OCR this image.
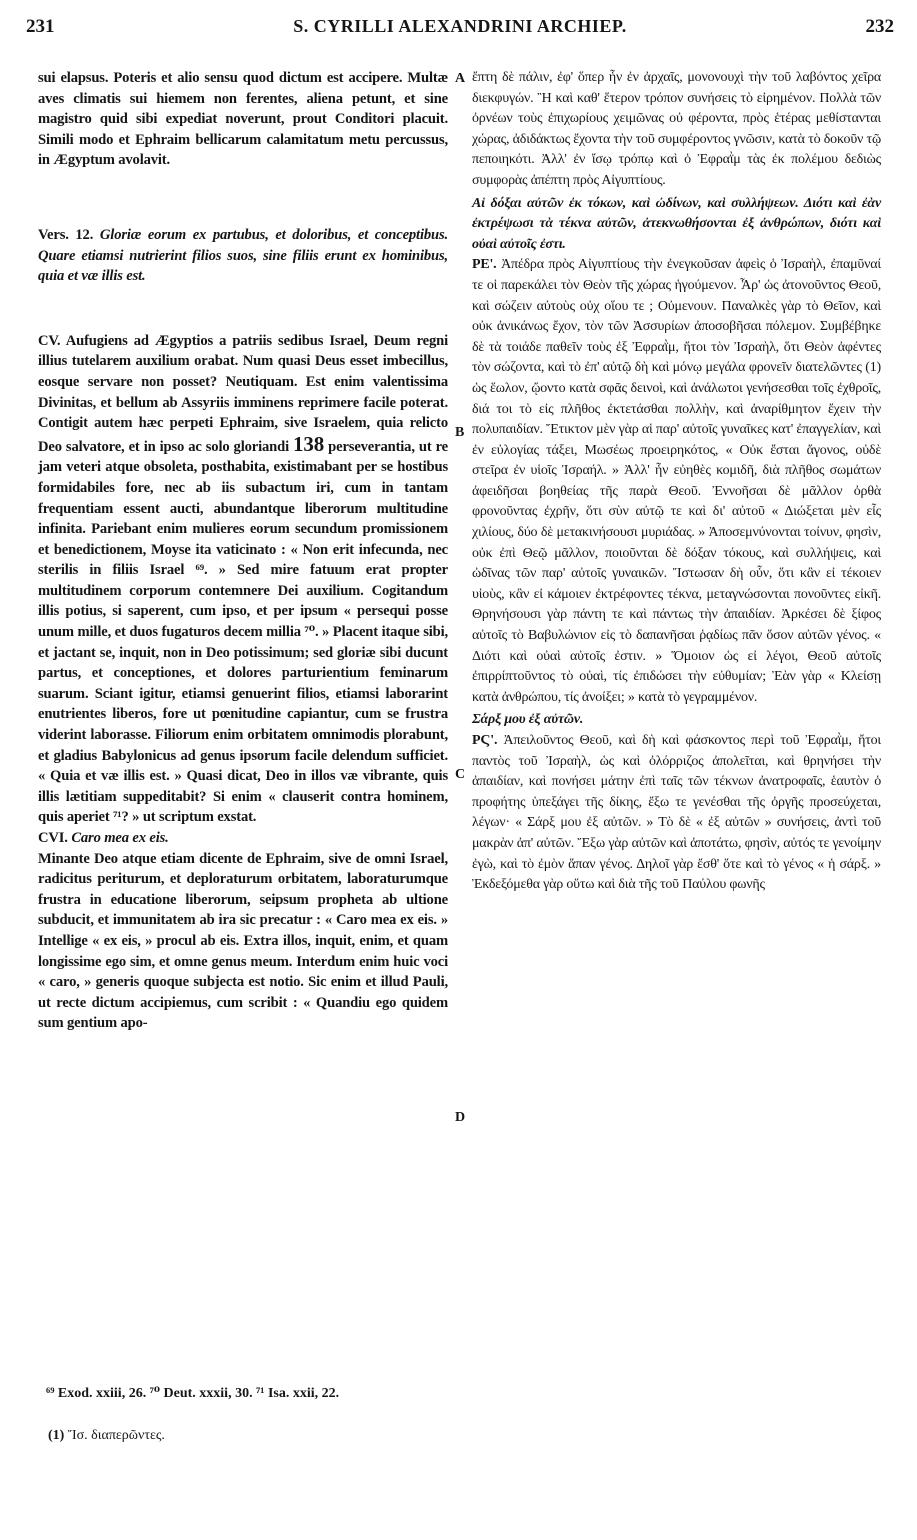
231	S. CYRILLI ALEXANDRINI ARCHIEP.	232
A
B
C
D

sui elapsus. Poteris et alio sensu quod dictum est accipere. Multæ aves climatis sui hiemem non ferentes, aliena petunt, et sine magistro quid sibi expediat noverunt, prout Conditori placuit. Simili modo et Ephraim bellicarum calamitatum metu percussus, in Ægyptum avolavit.

Vers. 12. Gloriæ eorum ex partubus, et doloribus, et conceptibus. Quare etiamsi nutrierint filios suos, sine filiis erunt ex hominibus, quia et væ illis est.

CV. Aufugiens ad Ægyptios a patriis sedibus Israel, Deum regni illius tutelarem auxilium orabat. Num quasi Deus esset imbecillus, eosque servare non posset? Neutiquam. Est enim valentissima Divinitas, et bellum ab Assyriis imminens reprimere facile poterat. Contigit autem hæc perpeti Ephraim, sive Israelem, quia relicto Deo salvatore, et in ipso ac solo gloriandi 138 perseverantia, ut re jam veteri atque obsoleta, posthabita, existimabant per se hostibus formidabiles fore, nec ab iis subactum iri, cum in tantam frequentiam essent aucti, abundantque liberorum multitudine infinita. Pariebant enim mulieres eorum secundum promissionem et benedictionem, Moyse ita vaticinato : « Non erit infecunda, nec sterilis in filiis Israel ⁶⁹. » Sed mire fatuum erat propter multitudinem corporum contemnere Dei auxilium. Cogitandum illis potius, si saperent, cum ipso, et per ipsum « persequi posse unum mille, et duos fugaturos decem millia ⁷⁰. » Placent itaque sibi, et jactant se, inquit, non in Deo potissimum; sed gloriæ sibi ducunt partus, et conceptiones, et dolores parturientium feminarum suarum. Sciant igitur, etiamsi genuerint filios, etiamsi laborarint enutrientes liberos, fore ut pœnitudine capiantur, cum se frustra viderint laborasse. Filiorum enim orbitatem omnimodis plorabunt, et gladius Babylonicus ad genus ipsorum facile delendum sufficiet. « Quia et væ illis est. » Quasi dicat, Deo in illos væ vibrante, quis illis lætitiam suppeditabit? Si enim « clauserit contra hominem, quis aperiet ⁷¹? » ut scriptum exstat.

CVI. Caro mea ex eis.

Minante Deo atque etiam dicente de Ephraim, sive de omni Israel, radicitus periturum, et deploraturum orbitatem, laboraturumque frustra in educatione liberorum, seipsum propheta ab ultione subducit, et immunitatem ab ira sic precatur : « Caro mea ex eis. » Intellige « ex eis, » procul ab eis. Extra illos, inquit, enim, et quam longissime ego sim, et omne genus meum. Interdum enim huic voci « caro, » generis quoque subjecta est notio. Sic enim et illud Pauli, ut recte dictum accipiemus, cum scribit : « Quandiu ego quidem sum gentium apo-

ἔπτη δὲ πάλιν, ἐφ' ὅπερ ἦν ἐν ἀρχαῖς, μονονουχὶ τὴν τοῦ λαβόντος χεῖρα διεκφυγών. Ἢ καὶ καθ' ἕτερον τρόπον συνήσεις τὸ εἰρημένον. Πολλὰ τῶν ὀρνέων τοὺς ἐπιχωρίους χειμῶνας οὐ φέροντα, πρὸς ἑτέρας μεθίστανται χώρας, ἀδιδάκτως ἔχοντα τὴν τοῦ συμφέροντος γνῶσιν, κατὰ τὸ δοκοῦν τῷ πεποιηκότι. Ἀλλ' ἐν ἴσῳ τρόπῳ καὶ ὁ Ἐφραῒμ τὰς ἐκ πολέμου δεδιὼς συμφορὰς ἀπέπτη πρὸς Αἰγυπτίους.

Αἱ δόξαι αὐτῶν ἐκ τόκων, καὶ ὠδίνων, καὶ συλλήψεων. Διότι καὶ ἐὰν ἐκτρέψωσι τὰ τέκνα αὐτῶν, ἀτεκνωθήσονται ἐξ ἀνθρώπων, διότι καὶ οὐαὶ αὐτοῖς ἐστι.

ΡΕ'. Ἀπέδρα πρὸς Αἰγυπτίους τὴν ἐνεγκοῦσαν ἀφεὶς ὁ Ἰσραὴλ, ἐπαμῦναί τε οἱ παρεκάλει τὸν Θεὸν τῆς χώρας ἡγούμενον. Ἆρ' ὡς ἀτονοῦντος Θεοῦ, καὶ σώζειν αὐτοὺς οὐχ οἵου τε ; Οὐμενουν. Παναλκὲς γὰρ τὸ Θεῖον, καὶ οὐκ ἀνικάνως ἔχον, τὸν τῶν Ἀσσυρίων ἀποσοβῆσαι πόλεμον. Συμβέβηκε δὲ τὰ τοιάδε παθεῖν τοὺς ἐξ Ἐφραῒμ, ἤτοι τὸν Ἰσραὴλ, ὅτι Θεὸν ἀφέντες τὸν σώζοντα, καὶ τὸ ἐπ' αὐτῷ δὴ καὶ μόνῳ μεγάλα φρονεῖν διατελῶντες (1) ὡς ἕωλον, ᾤοντο κατὰ σφᾶς δεινοὶ, καὶ ἀνάλωτοι γενήσεσθαι τοῖς ἐχθροῖς, διά τοι τὸ εἰς πλῆθος ἐκτετάσθαι πολλὴν, καὶ ἀναρίθμητον ἔχειν τὴν πολυπαιδίαν. Ἔτικτον μὲν γὰρ αἱ παρ' αὐτοῖς γυναῖκες κατ' ἐπαγγελίαν, καὶ ἐν εὐλογίας τάξει, Μωσέως προειρηκότος, « Οὐκ ἔσται ἄγονος, οὐδὲ στεῖρα ἐν υἱοῖς Ἰσραήλ. » Ἀλλ' ἦν εὐηθὲς κομιδῆ, διὰ πλῆθος σωμάτων ἀφειδῆσαι βοηθείας τῆς παρὰ Θεοῦ. Ἐννοῆσαι δὲ μᾶλλον ὀρθὰ φρονοῦντας ἐχρῆν, ὅτι σὺν αὐτῷ τε καὶ δι' αὐτοῦ « Διώξεται μὲν εἷς χιλίους, δύο δὲ μετακινήσουσι μυριάδας. » Ἀποσεμνύνονται τοίνυν, φησὶν, οὐκ ἐπὶ Θεῷ μᾶλλον, ποιοῦνται δὲ δόξαν τόκους, καὶ συλλήψεις, καὶ ὠδῖνας τῶν παρ' αὐτοῖς γυναικῶν. Ἴστωσαν δὴ οὖν, ὅτι κἂν εἰ τέκοιεν υἱοὺς, κἂν εἰ κάμοιεν ἐκτρέφοντες τέκνα, μεταγνώσονται πονοῦντες εἰκῆ. Θρηνήσουσι γὰρ πάντη τε καὶ πάντως τὴν ἀπαιδίαν. Ἀρκέσει δὲ ξίφος αὐτοῖς τὸ Βαβυλώνιον εἰς τὸ δαπανῆσαι ῥᾳδίως πᾶν ὅσον αὐτῶν γένος. « Διότι καὶ οὐαὶ αὐτοῖς ἐστιν. » Ὅμοιον ὡς εἰ λέγοι, Θεοῦ αὐτοῖς ἐπιρρίπτοῦντος τὸ οὐαὶ, τίς ἐπιδώσει τὴν εὐθυμίαν; Ἐὰν γὰρ « Κλείσῃ κατὰ ἀνθρώπου, τίς ἀνοίξει; » κατὰ τὸ γεγραμμένον.

Σάρξ μου ἐξ αὐτῶν.

ΡϚ'. Ἀπειλοῦντος Θεοῦ, καὶ δὴ καὶ φάσκοντος περὶ τοῦ Ἐφραῒμ, ἤτοι παντὸς τοῦ Ἰσραὴλ, ὡς καὶ ὀλόρριζος ἀπολεῖται, καὶ θρηνήσει τὴν ἀπαιδίαν, καὶ πονήσει μάτην ἐπὶ ταῖς τῶν τέκνων ἀνατροφαῖς, ἑαυτὸν ὁ προφήτης ὑπεξάγει τῆς δίκης, ἔξω τε γενέσθαι τῆς ὀργῆς προσεύχεται, λέγων· « Σάρξ μου ἐξ αὐτῶν. » Τὸ δὲ « ἐξ αὐτῶν » συνήσεις, ἀντὶ τοῦ μακρὰν ἀπ' αὐτῶν. Ἔξω γὰρ αὐτῶν καὶ ἀποτάτω, φησὶν, αὐτός τε γενοίμην ἐγὼ, καὶ τὸ ἐμὸν ἅπαν γένος. Δηλοῖ γὰρ ἔσθ' ὅτε καὶ τὸ γένος « ἡ σάρξ. » Ἐκδεξόμεθα γὰρ οὕτω καὶ διὰ τῆς τοῦ Παύλου φωνῆς

⁶⁹ Exod. xxiii, 26. ⁷⁰ Deut. xxxii, 30. ⁷¹ Isa. xxii, 22.
(1) Ἴσ. διαπερῶντες.
